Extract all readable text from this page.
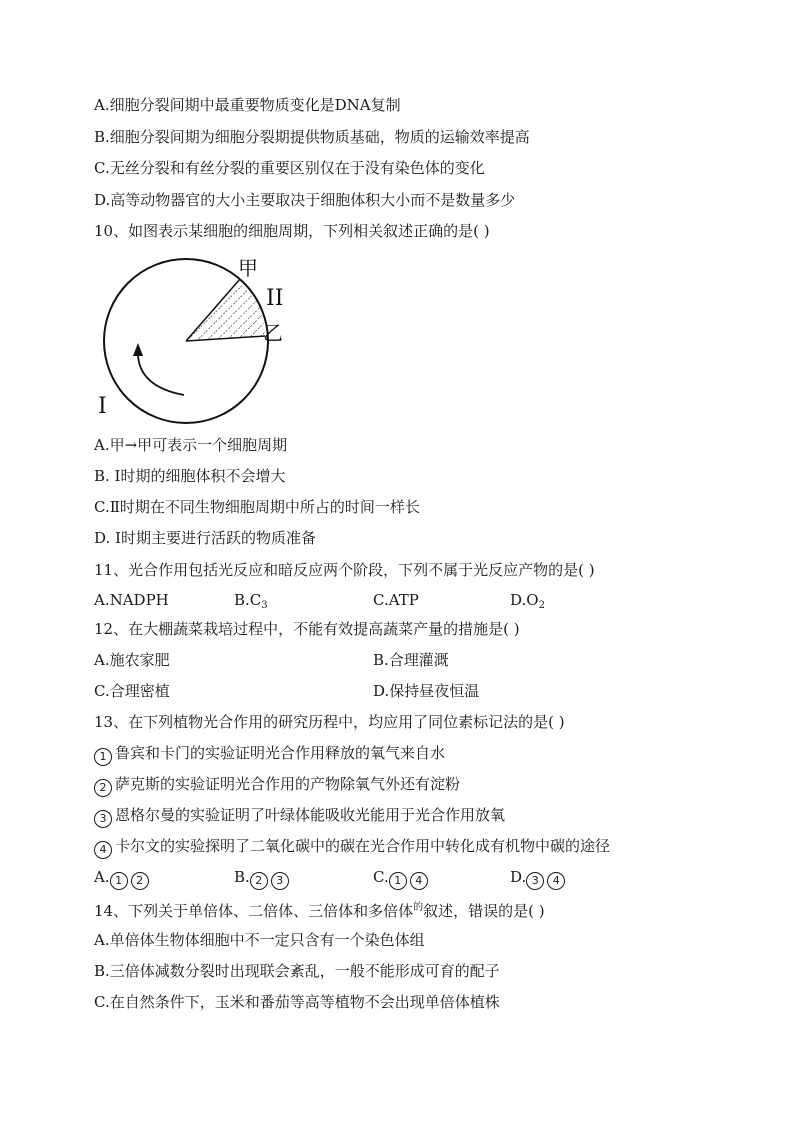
A.细胞分裂间期中最重要物质变化是DNA复制
B.细胞分裂间期为细胞分裂期提供物质基础，物质的运输效率提高
C.无丝分裂和有丝分裂的重要区别仅在于没有染色体的变化
D.高等动物器官的大小主要取决于细胞体积大小而不是数量多少
10、如图表示某细胞的细胞周期，下列相关叙述正确的是( )
甲
乙
II
I
A.甲→甲可表示一个细胞周期
B. Ⅰ时期的细胞体积不会增大
C.Ⅱ时期在不同生物细胞周期中所占的时间一样长
D. Ⅰ时期主要进行活跃的物质准备
11、光合作用包括光反应和暗反应两个阶段，下列不属于光反应产物的是( )
A.NADPH	$B.C_3$	C.ATP	$D.O_2$
12、在大棚蔬菜栽培过程中，不能有效提高蔬菜产量的措施是( )
A.施农家肥	B.合理灌溉
C.合理密植	D.保持昼夜恒温
13、在下列植物光合作用的研究历程中，均应用了同位素标记法的是( )
1 鲁宾和卡门的实验证明光合作用释放的氧气来自水
2 萨克斯的实验证明光合作用的产物除氧气外还有淀粉
3 恩格尔曼的实验证明了叶绿体能吸收光能用于光合作用放氧
4 卡尔文的实验探明了二氧化碳中的碳在光合作用中转化成有机物中碳的途径
A. 1 2	B. 2 3	C. 1 4	D. 3 4
14、下列关于单倍体、二倍体、三倍体和多倍体$^的$叙述，错误的是( )
A.单倍体生物体细胞中不一定只含有一个染色体组
B.三倍体减数分裂时出现联会紊乱，一般不能形成可育的配子
C.在自然条件下，玉米和番茄等高等植物不会出现单倍体植株
